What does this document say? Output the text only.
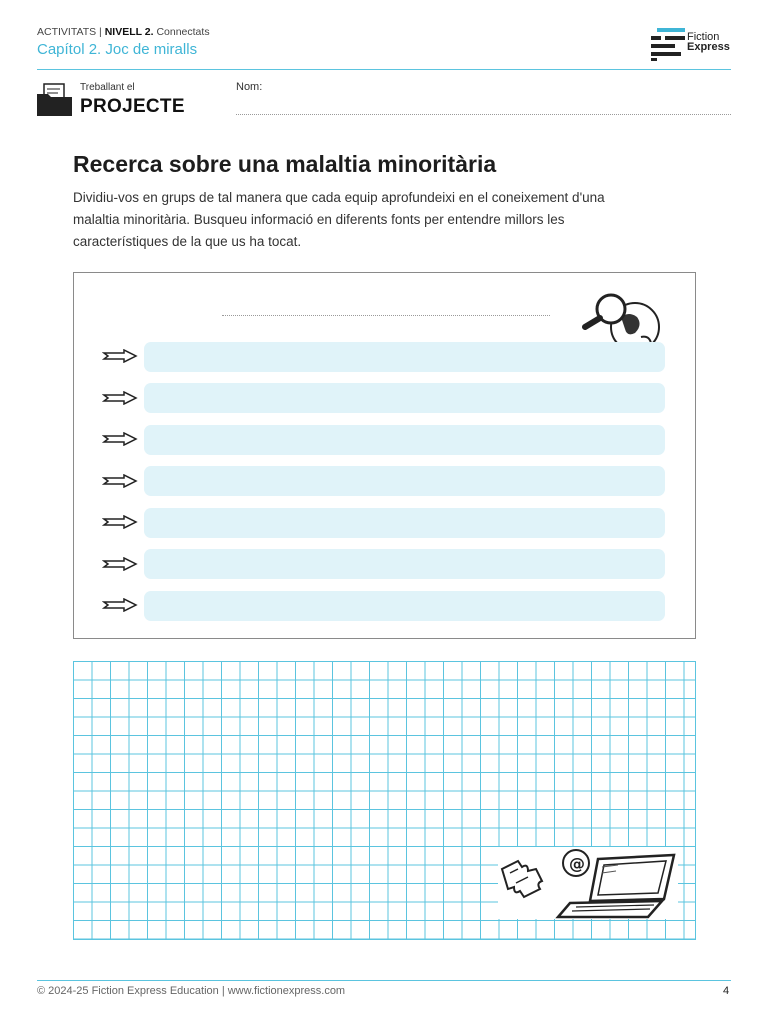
ACTIVITATS | NIVELL 2. Connectats
Capítol 2. Joc de miralls
Fiction
Express
Treballant el
PROJECTE
Nom:
Recerca sobre una malaltia minoritària
Dividiu-vos en grups de tal manera que cada equip aprofundeixi en el coneixement d'una
malaltia minoritària. Busqueu informació en diferents fonts per entendre millors les
característiques de la que us ha tocat.
@
© 2024-25 Fiction Express Education | www.fictionexpress.com	4
